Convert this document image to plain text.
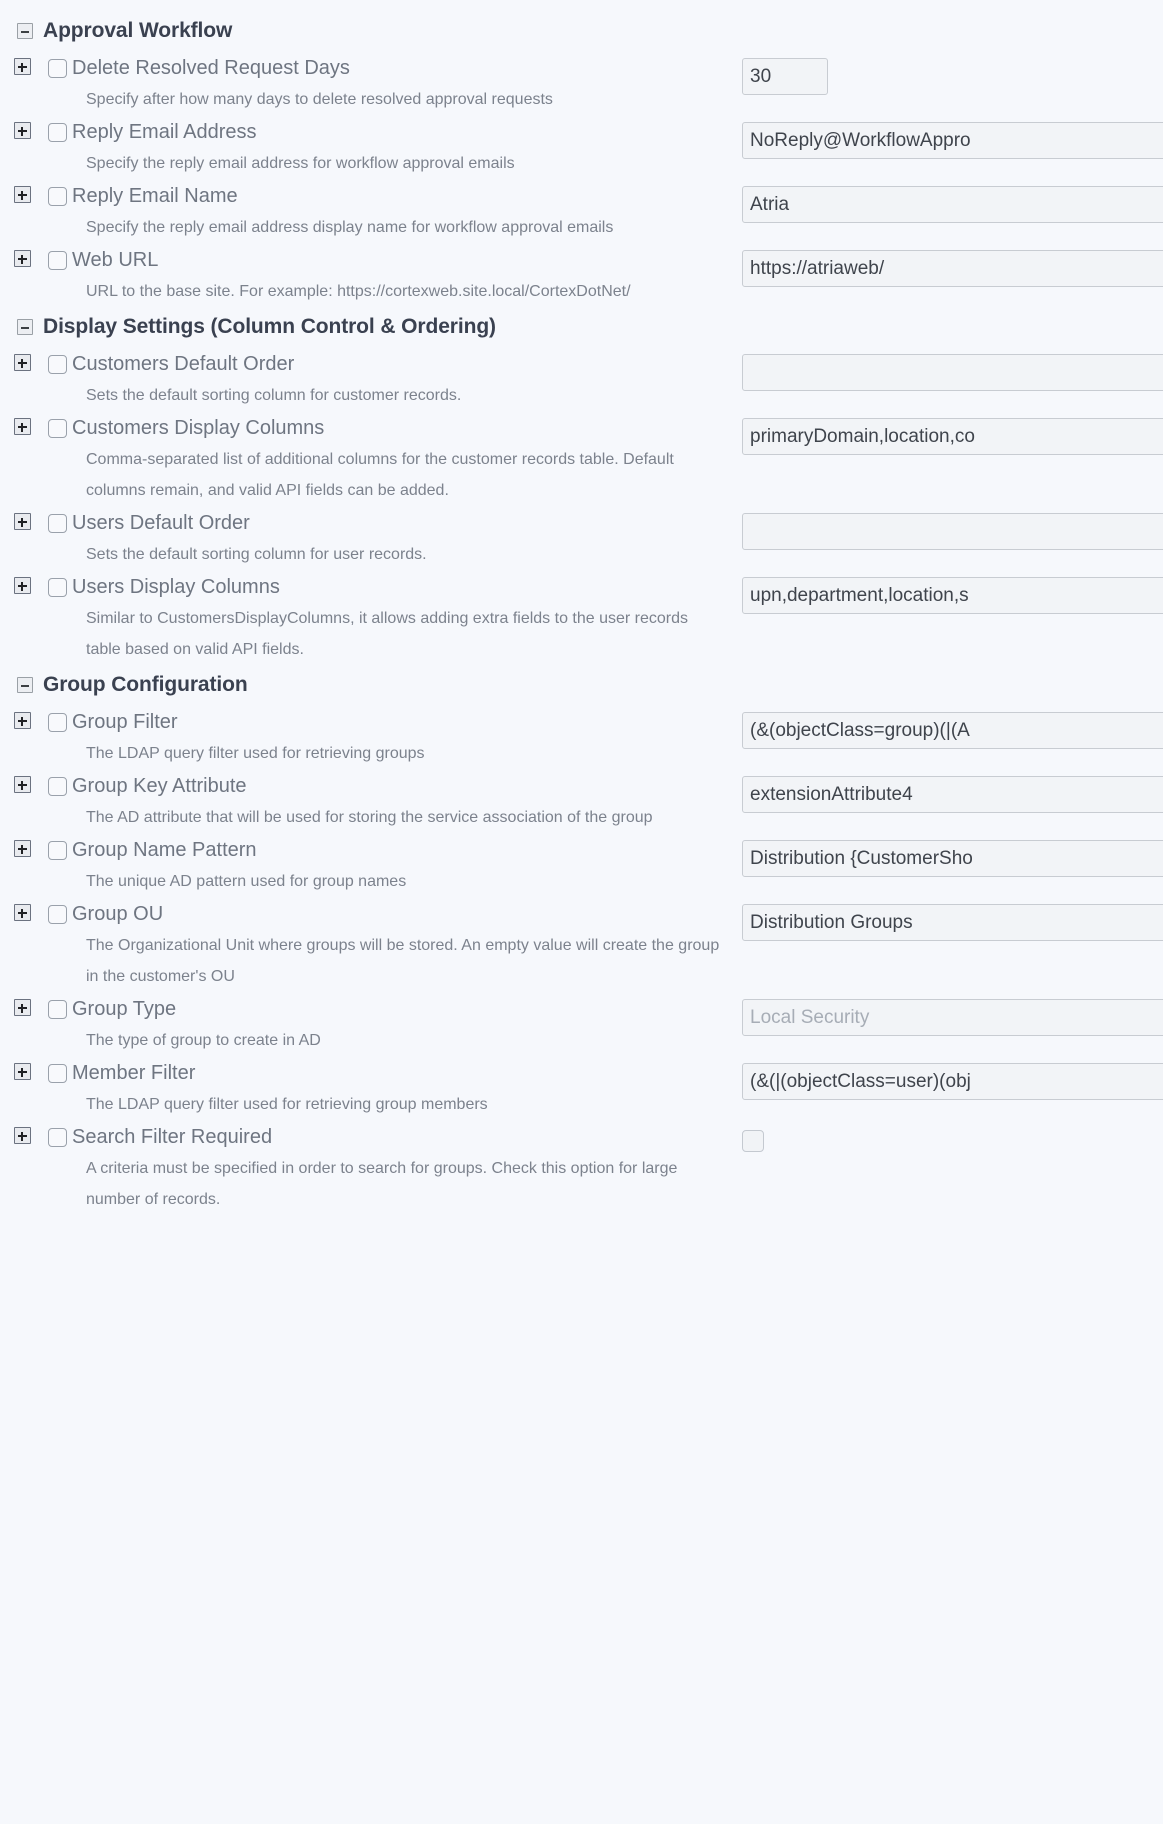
Approval Workflow
Delete Resolved Request Days
Specify after how many days to delete resolved approval requests
30
Reply Email Address
Specify the reply email address for workflow approval emails
NoReply@WorkflowAppro
Reply Email Name
Specify the reply email address display name for workflow approval emails
Atria
Web URL
URL to the base site. For example: https://cortexweb.site.local/CortexDotNet/
https://atriaweb/
Display Settings (Column Control & Ordering)
Customers Default Order
Sets the default sorting column for customer records.
Customers Display Columns
Comma-separated list of additional columns for the customer records table. Default columns remain, and valid API fields can be added.
primaryDomain,location,co
Users Default Order
Sets the default sorting column for user records.
Users Display Columns
Similar to CustomersDisplayColumns, it allows adding extra fields to the user records table based on valid API fields.
upn,department,location,s
Group Configuration
Group Filter
The LDAP query filter used for retrieving groups
(&(objectClass=group)(|(A
Group Key Attribute
The AD attribute that will be used for storing the service association of the group
extensionAttribute4
Group Name Pattern
The unique AD pattern used for group names
Distribution {CustomerSho
Group OU
The Organizational Unit where groups will be stored. An empty value will create the group in the customer's OU
Distribution Groups
Group Type
The type of group to create in AD
Local Security
Member Filter
The LDAP query filter used for retrieving group members
(&(|(objectClass=user)(obj
Search Filter Required
A criteria must be specified in order to search for groups. Check this option for large number of records.
